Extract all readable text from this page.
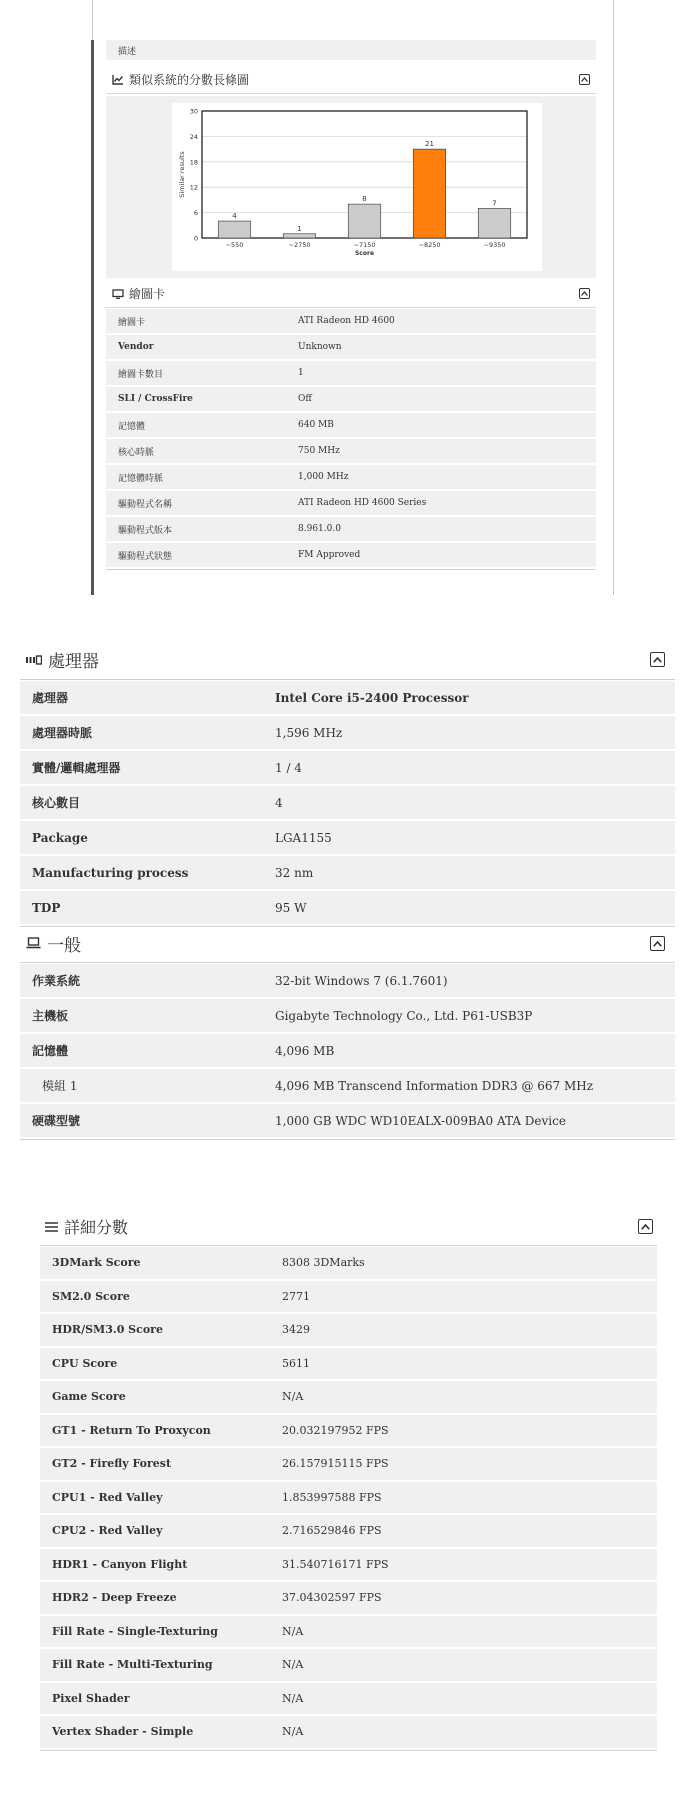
描述
類似系統的分數長條圖
0
6
12
18
24
30
4
~550
1
~2750
8
~7150
21
~8250
7
~9350
Score
Similar results
繪圖卡
繪圖卡	ATI Radeon HD 4600
Vendor	Unknown
繪圖卡數目	1
SLI / CrossFire	Off
記憶體	640 MB
核心時脈	750 MHz
記憶體時脈	1,000 MHz
驅動程式名稱	ATI Radeon HD 4600 Series
驅動程式版本	8.961.0.0
驅動程式狀態	FM Approved
處理器
處理器	Intel Core i5-2400 Processor
處理器時脈	1,596 MHz
實體/邏輯處理器	1 / 4
核心數目	4
Package	LGA1155
Manufacturing process	32 nm
TDP	95 W
一般
作業系統	32-bit Windows 7 (6.1.7601)
主機板	Gigabyte Technology Co., Ltd. P61-USB3P
記憶體	4,096 MB
模組 1	4,096 MB Transcend Information DDR3 @ 667 MHz
硬碟型號	1,000 GB WDC WD10EALX-009BA0 ATA Device
詳細分數
3DMark Score	8308 3DMarks
SM2.0 Score	2771
HDR/SM3.0 Score	3429
CPU Score	5611
Game Score	N/A
GT1 - Return To Proxycon	20.032197952 FPS
GT2 - Firefly Forest	26.157915115 FPS
CPU1 - Red Valley	1.853997588 FPS
CPU2 - Red Valley	2.716529846 FPS
HDR1 - Canyon Flight	31.540716171 FPS
HDR2 - Deep Freeze	37.04302597 FPS
Fill Rate - Single-Texturing	N/A
Fill Rate - Multi-Texturing	N/A
Pixel Shader	N/A
Vertex Shader - Simple	N/A
